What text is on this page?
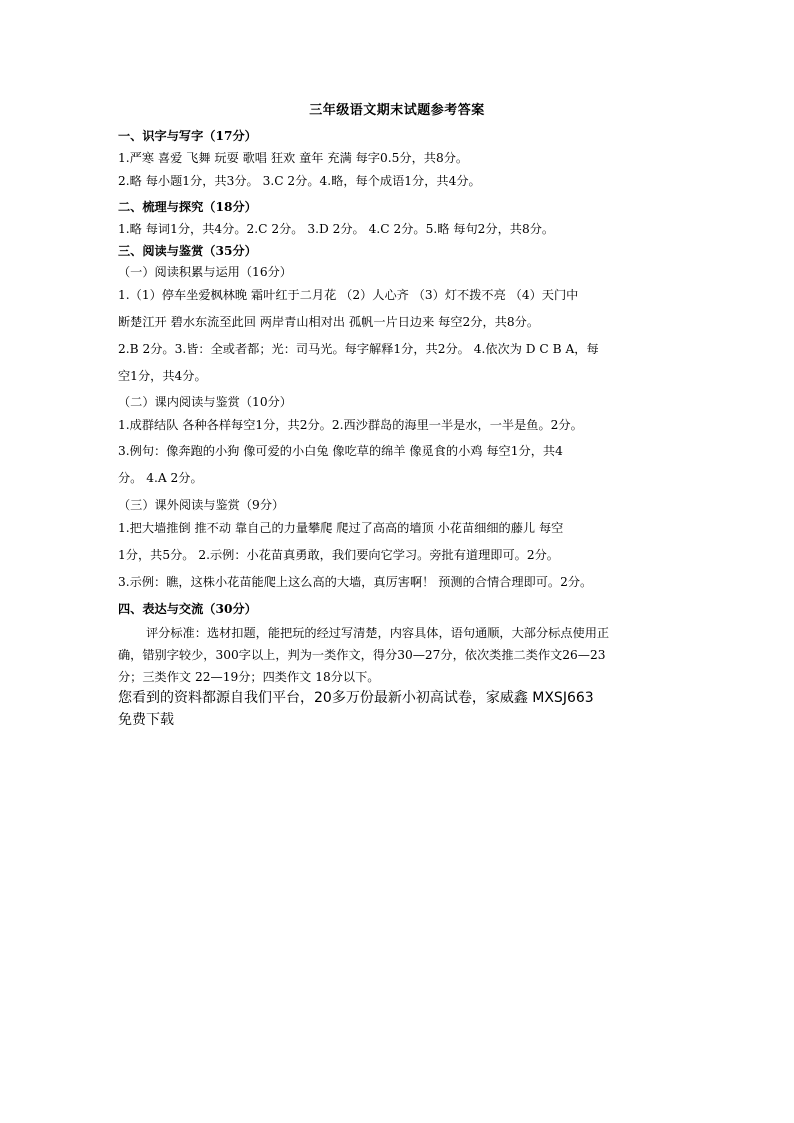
三年级语文期末试题参考答案
一、识字与写字（17分）
1.严寒 喜爱 飞舞 玩耍 歌唱 狂欢 童年 充满 每字0.5分，共8分。
2.略 每小题1分，共3分。 3.C 2分。4.略，每个成语1分，共4分。
二、梳理与探究（18分）
1.略 每词1分，共4分。2.C 2分。 3.D 2分。 4.C 2分。5.略 每句2分，共8分。
三、阅读与鉴赏（35分）
（一）阅读积累与运用（16分）
1.（1）停车坐爱枫林晚 霜叶红于二月花 （2）人心齐 （3）灯不拨不亮 （4）天门中
断楚江开 碧水东流至此回 两岸青山相对出 孤帆一片日边来 每空2分，共8分。
2.B 2分。3.皆：全或者都；光：司马光。每字解释1分，共2分。 4.依次为 D C B A，每
空1分，共4分。
（二）课内阅读与鉴赏（10分）
1.成群结队 各种各样每空1分，共2分。2.西沙群岛的海里一半是水，一半是鱼。2分。
3.例句：像奔跑的小狗 像可爱的小白兔 像吃草的绵羊 像觅食的小鸡 每空1分，共4
分。 4.A 2分。
（三）课外阅读与鉴赏（9分）
1.把大墙推倒 推不动 靠自己的力量攀爬 爬过了高高的墙顶 小花苗细细的藤儿 每空
1分，共5分。 2.示例：小花苗真勇敢，我们要向它学习。旁批有道理即可。2分。
3.示例：瞧，这株小花苗能爬上这么高的大墙，真厉害啊！ 预测的合情合理即可。2分。
四、表达与交流（30分）
评分标准：选材扣题，能把玩的经过写清楚，内容具体，语句通顺，大部分标点使用正
确，错别字较少，300字以上，判为一类作文，得分30—27分，依次类推二类作文26—23
分；三类作文 22—19分；四类作文 18分以下。
您看到的资料都源自我们平台，20多万份最新小初高试卷，家威鑫 MXSJ663
免费下载
